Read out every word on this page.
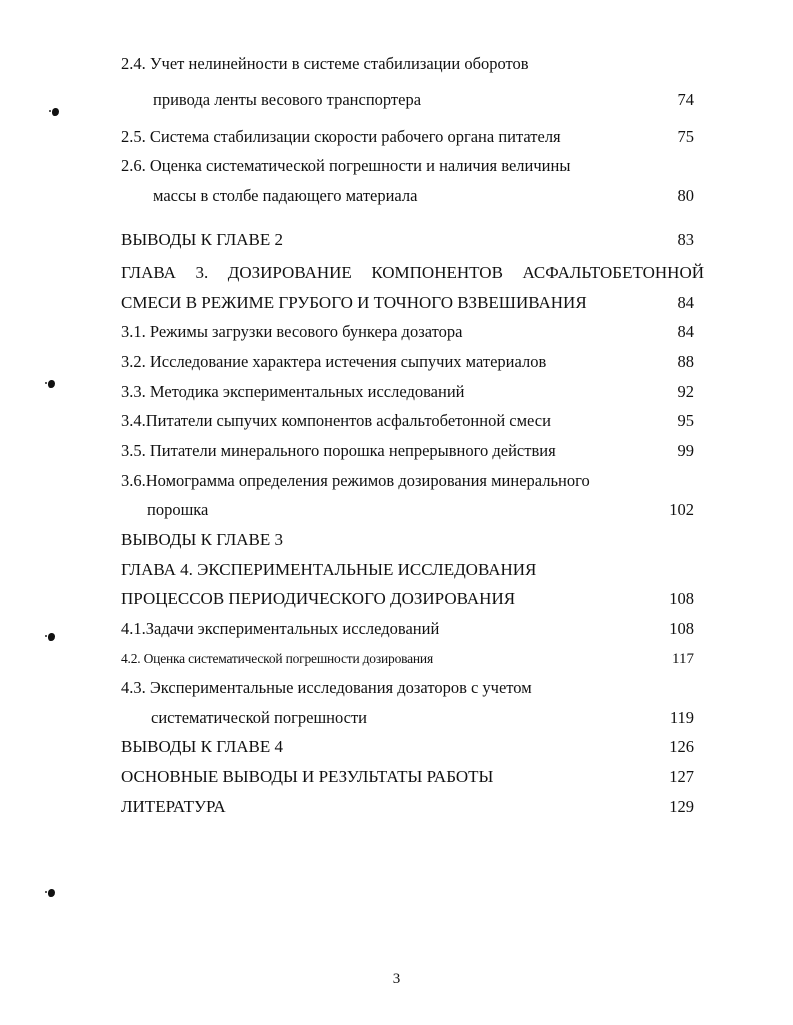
2.4. Учет нелинейности в системе стабилизации оборотов
привода ленты весового транспортера	74
2.5. Система стабилизации скорости рабочего органа питателя	75
2.6. Оценка систематической погрешности и наличия величины
массы в столбе падающего материала	80
ВЫВОДЫ К ГЛАВЕ 2	83
ГЛАВА 3. ДОЗИРОВАНИЕ КОМПОНЕНТОВ АСФАЛЬТОБЕТОННОЙ
СМЕСИ В РЕЖИМЕ ГРУБОГО И ТОЧНОГО ВЗВЕШИВАНИЯ	84
3.1. Режимы загрузки весового бункера дозатора	84
3.2. Исследование характера истечения сыпучих материалов	88
3.3. Методика экспериментальных исследований	92
3.4.Питатели сыпучих компонентов асфальтобетонной смеси	95
3.5. Питатели минерального порошка непрерывного действия	99
3.6.Номограмма определения режимов дозирования минерального
порошка	102
ВЫВОДЫ К ГЛАВЕ 3
ГЛАВА 4. ЭКСПЕРИМЕНТАЛЬНЫЕ ИССЛЕДОВАНИЯ
ПРОЦЕССОВ ПЕРИОДИЧЕСКОГО ДОЗИРОВАНИЯ	108
4.1.Задачи экспериментальных исследований	108
4.2. Оценка систематической погрешности дозирования	117
4.3. Экспериментальные исследования дозаторов с учетом
систематической погрешности	119
ВЫВОДЫ К ГЛАВЕ 4	126
ОСНОВНЫЕ ВЫВОДЫ И РЕЗУЛЬТАТЫ РАБОТЫ	127
ЛИТЕРАТУРА	129
3
